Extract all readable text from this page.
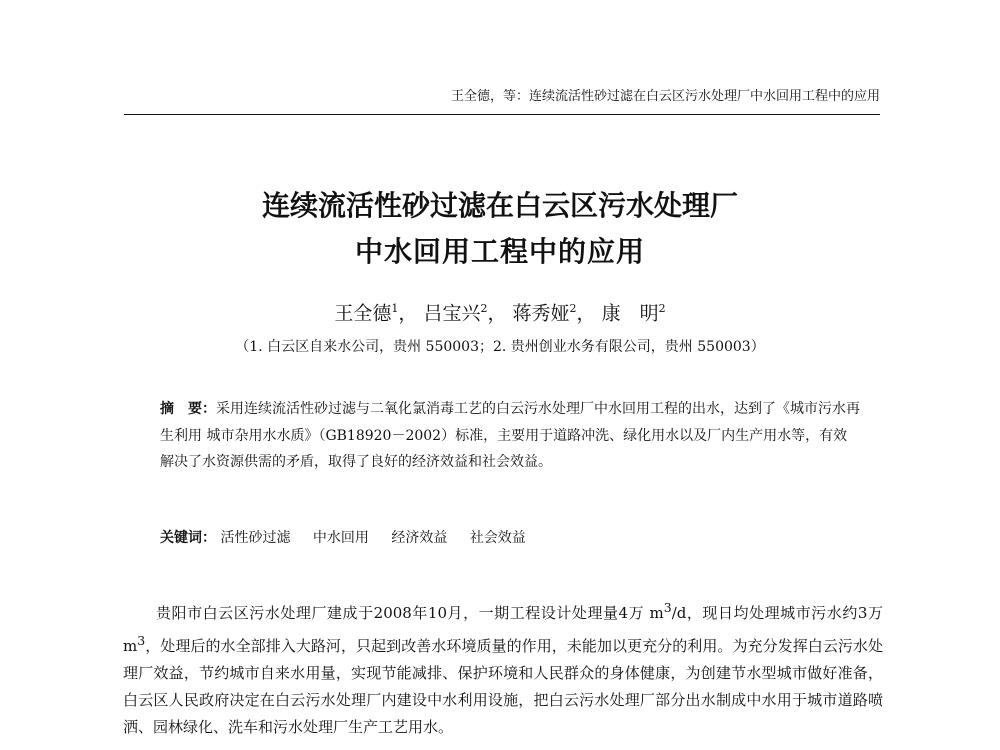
王全德，等：连续流活性砂过滤在白云区污水处理厂中水回用工程中的应用
连续流活性砂过滤在白云区污水处理厂
中水回用工程中的应用
王全德$^1$， 吕宝兴$^2$， 蒋秀娅$^2$， 康　明$^2$
（1. 白云区自来水公司，贵州 550003；2. 贵州创业水务有限公司，贵州 550003）
摘　要：采用连续流活性砂过滤与二氧化氯消毒工艺的白云污水处理厂中水回用工程的出水，达到了《城市污水再生利用 城市杂用水水质》（GB18920－2002）标准，主要用于道路冲洗、绿化用水以及厂内生产用水等，有效解决了水资源供需的矛盾，取得了良好的经济效益和社会效益。
关键词： 活性砂过滤 中水回用 经济效益 社会效益
贵阳市白云区污水处理厂建成于2008年10月，一期工程设计处理量4万 $m^3/d$，现日均处理城市污水约3万 $m^3$，处理后的水全部排入大路河，只起到改善水环境质量的作用，未能加以更充分的利用。为充分发挥白云污水处理厂效益，节约城市自来水用量，实现节能减排、保护环境和人民群众的身体健康，为创建节水型城市做好准备，白云区人民政府决定在白云污水处理厂内建设中水利用设施，把白云污水处理厂部分出水制成中水用于城市道路喷洒、园林绿化、洗车和污水处理厂生产工艺用水。
